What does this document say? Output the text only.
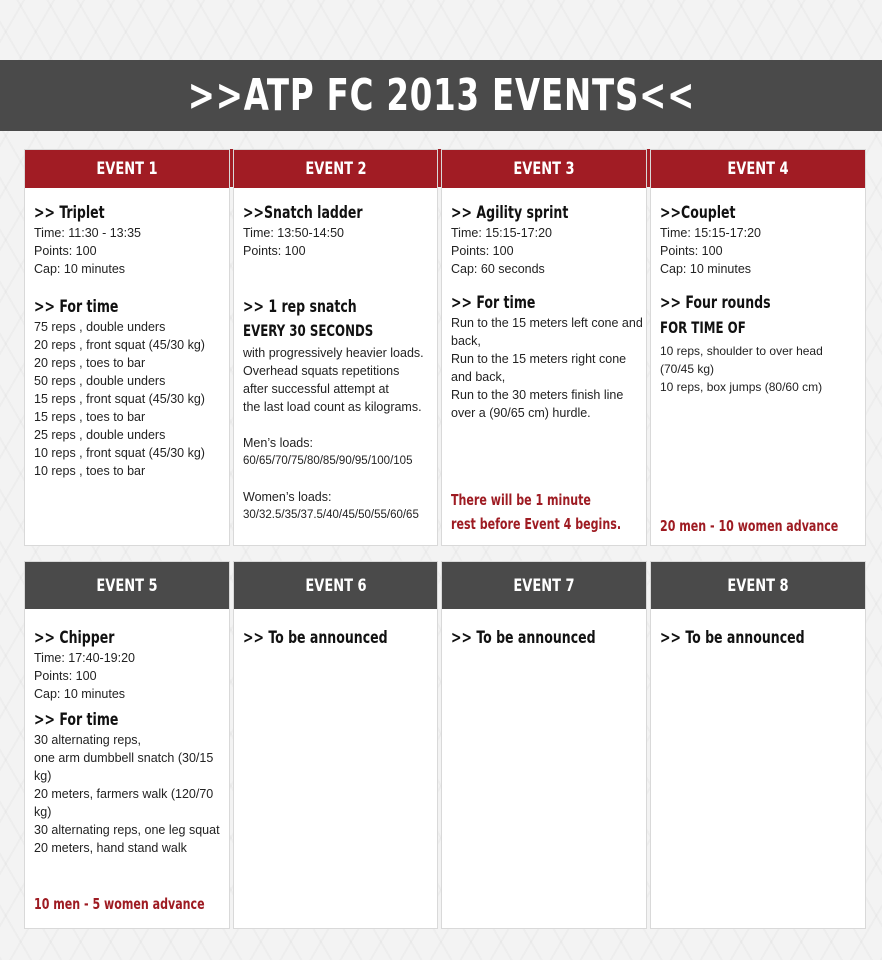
>>ATP FC 2013 EVENTS<<
EVENT 1
>> Triplet
Time: 11:30 - 13:35
Points: 100
Cap: 10 minutes
>> For time
75 reps , double unders
20 reps , front squat (45/30 kg)
20 reps , toes to bar
50 reps , double unders
15 reps , front squat (45/30 kg)
15 reps , toes to bar
25 reps , double unders
10 reps , front squat (45/30 kg)
10 reps , toes to bar
EVENT 2
>>Snatch ladder
Time: 13:50-14:50
Points: 100
>> 1 rep snatch
EVERY 30 SECONDS
with progressively heavier loads.
Overhead squats repetitions
after successful attempt at
the last load count as kilograms.
Men’s loads:
60/65/70/75/80/85/90/95/100/105
Women’s loads:
30/32.5/35/37.5/40/45/50/55/60/65
EVENT 3
>> Agility sprint
Time: 15:15-17:20
Points: 100
Cap: 60 seconds
>> For time
Run to the 15 meters left cone and
back,
Run to the 15 meters right cone
and back,
Run to the 30 meters finish line
over a (90/65 cm) hurdle.
There will be 1 minute
rest before Event 4 begins.
EVENT 4
>>Couplet
Time: 15:15-17:20
Points: 100
Cap: 10 minutes
>> Four rounds
FOR TIME OF
10 reps, shoulder to over head
(70/45 kg)
10 reps, box jumps (80/60 cm)
20 men - 10 women advance
EVENT 5
>> Chipper
Time: 17:40-19:20
Points: 100
Cap: 10 minutes
>> For time
30 alternating reps,
one arm dumbbell snatch (30/15 kg)
20 meters, farmers walk (120/70 kg)
30 alternating reps, one leg squat
20 meters, hand stand walk
10 men - 5 women advance
EVENT 6
>> To be announced
EVENT 7
>> To be announced
EVENT 8
>> To be announced
